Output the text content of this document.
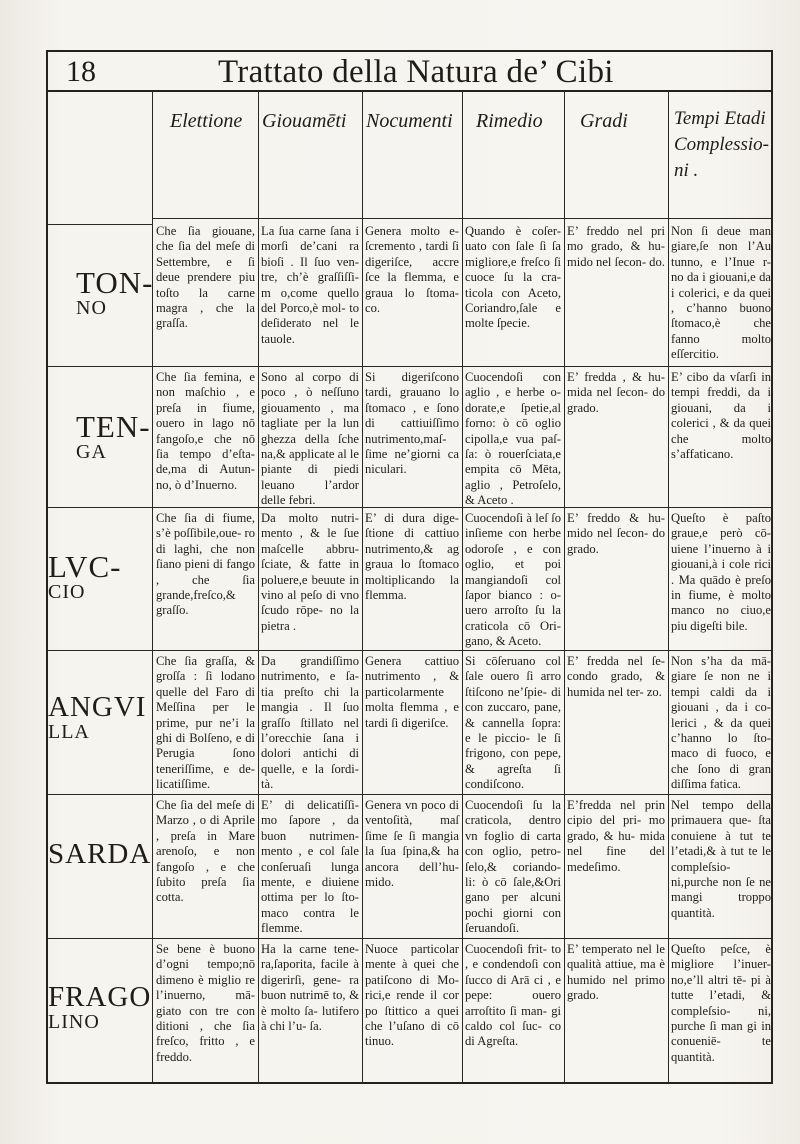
18	Trattato della Natura de’ Cibi
Elettione Giouamēti Nocumenti Rimedio Gradi Tempi Etadi Complessio- ni .
TON-
NO
Che ſia giouane, che ſia del meſe di Settembre, e ſi deue prendere piu toſto la carne magra , che la graſſa.
La ſua carne ſana i morſi de’cani ra bioſi . Il ſuo ven- tre, ch’è graſſiſſi- m o,come quello del Porco,è mol- to deſiderato nel le tauole.
Genera molto e- ſcremento , tardi ſi digeriſce, accre ſce la flemma, e graua lo ſtoma- co.
Quando è coſer- uato con ſale ſi ſa migliore,e freſco ſi cuoce ſu la cra- ticola con Aceto, Coriandro,ſale e molte ſpecie.
E’ freddo nel pri mo grado, & hu- mido nel ſecon- do.
Non ſi deue man giare,ſe non l’Au tunno, e l’Inue r- no da i giouani,e da i colerici, e da quei , c’hanno buono ſtomaco,è che fanno molto eſſercitio.
TEN-
GA
Che ſia femina, e non maſchio , e preſa in fiume, ouero in lago nō fangoſo,e che nō ſia tempo d’eſta- de,ma di Autun- no, ò d’Inuerno.
Sono al corpo di poco , ò neſſuno giouamento , ma tagliate per la lun ghezza della ſche na,& applicate al le piante di piedi leuano l’ardor delle febri.
Si digeriſcono tardi, grauano lo ſtomaco , e ſono di cattiuiſſimo nutrimento,maſ- ſime ne’giorni ca niculari.
Cuocendoſi con aglio , e herbe o- dorate,e ſpetie,al forno: ò cō oglio cipolla,e vua paſ- ſa: ò rouerſciata,e empita cō Mēta, aglio , Petroſelo, & Aceto .
E’ fredda , & hu- mida nel ſecon- do grado.
E’ cibo da vſarſi in tempi freddi, da i giouani, da i colerici , & da quei che molto s’affaticano.
LVC-
CIO
Che ſia di fiume, s’è poſſibile,oue- ro di laghi, che non ſiano pieni di fango , che ſia grande,freſco,& graſſo.
Da molto nutri- mento , & le ſue maſcelle abbru- ſciate, & fatte in poluere,e beuute in vino al peſo di vno ſcudo rōpe- no la pietra .
E’ di dura dige- ſtione di cattiuo nutrimento,& ag graua lo ſtomaco moltiplicando la flemma.
Cuocendoſi à leſ ſo inſieme con herbe odoroſe , e con oglio, et poi mangiandoſi col ſapor bianco : o- uero arroſto ſu la craticola cō Ori- gano, & Aceto.
E’ freddo & hu- mido nel ſecon- do grado.
Queſto è paſto graue,e però cō- uiene l’inuerno à i giouani,à i cole rici . Ma quādo è preſo in fiume, è molto manco no ciuo,e piu digeſti bile.
ANGVI
LLA
Che ſia graſſa, & groſſa : ſi lodano quelle del Faro di Meſſina per le prime, pur ne’i la ghi di Bolſeno, e di Perugia ſono teneriſſime, e de- licatiſſime.
Da grandiſſimo nutrimento, e ſa- tia preſto chi la mangia . Il ſuo graſſo ſtillato nel l’orecchie ſana i dolori antichi di quelle, e la ſordi- tà.
Genera cattiuo nutrimento , & particolarmente molta flemma , e tardi ſi digeriſce.
Si cōſeruano col ſale ouero ſi arro ſtiſcono ne’ſpie- di con zuccaro, pane, & cannella ſopra: e le piccio- le ſi frigono, con pepe, & agreſta ſi condiſcono.
E’ fredda nel ſe- condo grado, & humida nel ter- zo.
Non s’ha da mā- giare ſe non ne i tempi caldi da i giouani , da i co- lerici , & da quei c’hanno lo ſto- maco di fuoco, e che ſono di gran diſſima fatica.
SARDA
Che ſia del meſe di Marzo , o di Aprile , preſa in Mare arenoſo, e non fangoſo , e che ſubito preſa ſia cotta.
E’ di delicatiſſi- mo ſapore , da buon nutrimen- mento , e col ſale conſeruaſi lunga mente, e diuiene ottima per lo ſto- maco contra le flemme.
Genera vn poco di ventoſità, maſ ſime ſe ſi mangia la ſua ſpina,& ha ancora dell’hu- mido.
Cuocendoſi ſu la craticola, dentro vn foglio di carta con oglio, petro- ſelo,& coriando- li: ò cō ſale,&Ori gano per alcuni pochi giorni con ſeruandoſi.
E’fredda nel prin cipio del pri- mo grado, & hu- mida nel fine del medeſimo.
Nel tempo della primauera que- ſta conuiene à tut te l’etadi,& à tut te le compleſsio- ni,purche non ſe ne mangi troppo quantità.
FRAGO
LINO
Se bene è buono d’ogni tempo;nō dimeno è miglio re l’inuerno, mā- giato con tre con ditioni , che ſia freſco, fritto , e freddo.
Ha la carne tene- ra,ſaporita, facile à digerirſi, gene- ra buon nutrimē to, & è molto ſa- lutifero à chi l’u- ſa.
Nuoce particolar mente à quei che patiſcono di Mo- rici,e rende il cor po ſtittico a quei che l’uſano di cō tinuo.
Cuocendoſi frit- to , e condendoſi con ſucco di Arā ci , e pepe: ouero arroſtito ſi man- gi caldo col ſuc- co di Agreſta.
E’ temperato nel le qualità attiue, ma è humido nel primo grado.
Queſto peſce, è migliore l’inuer- no,e’ll altri tē- pi à tutte l’etadi, & compleſsio- ni, purche ſi man gi in conueniē- te quantità.
